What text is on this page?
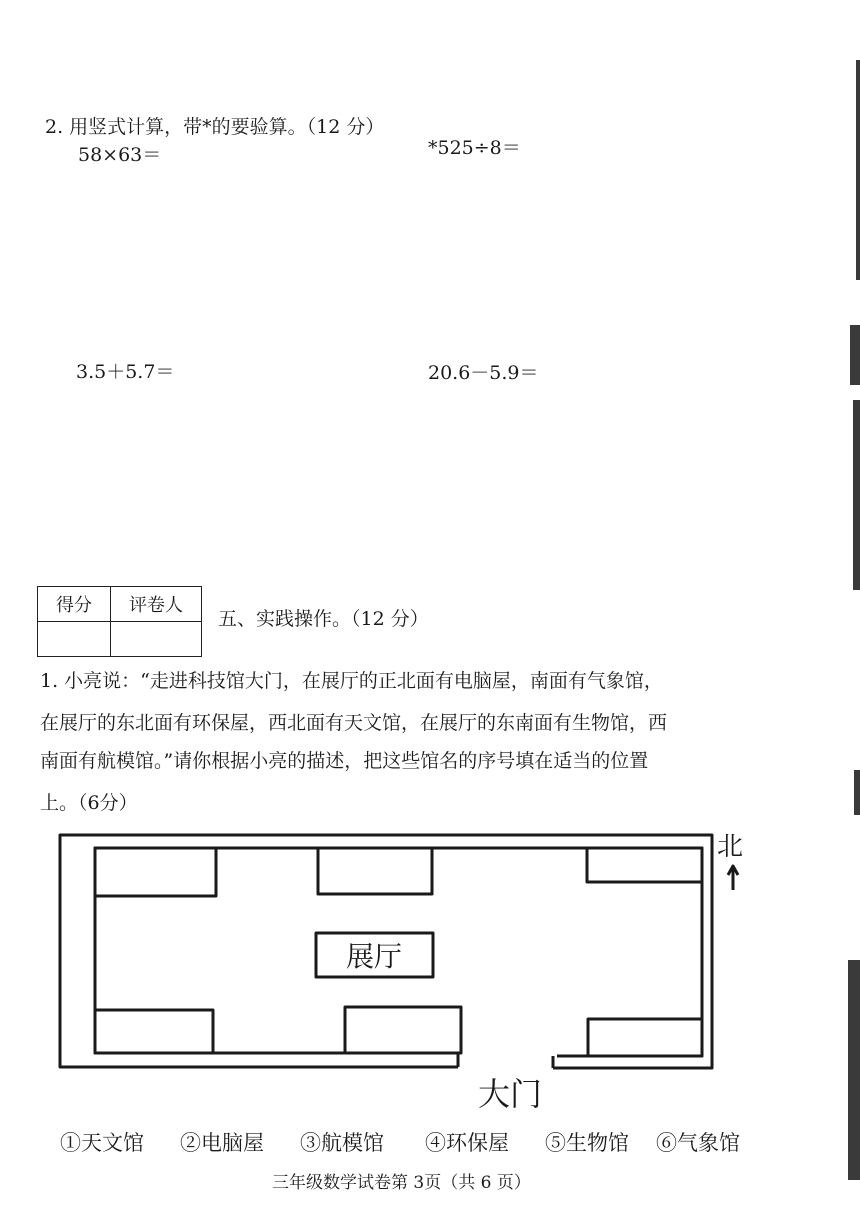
2. 用竖式计算，带*的要验算。（12 分）
58×63＝	*525÷8＝
3.5＋5.7＝	20.6－5.9＝
得分	评卷人

五、实践操作。（12 分）
1. 小亮说：“走进科技馆大门，在展厅的正北面有电脑屋，南面有气象馆，
在展厅的东北面有环保屋，西北面有天文馆，在展厅的东南面有生物馆，西
南面有航模馆。”请你根据小亮的描述，把这些馆名的序号填在适当的位置
上。（6分）
展厅
北
大门
①天文馆 ②电脑屋 ③航模馆 ④环保屋 ⑤生物馆 ⑥气象馆
三年级数学试卷第 3页（共 6 页）
